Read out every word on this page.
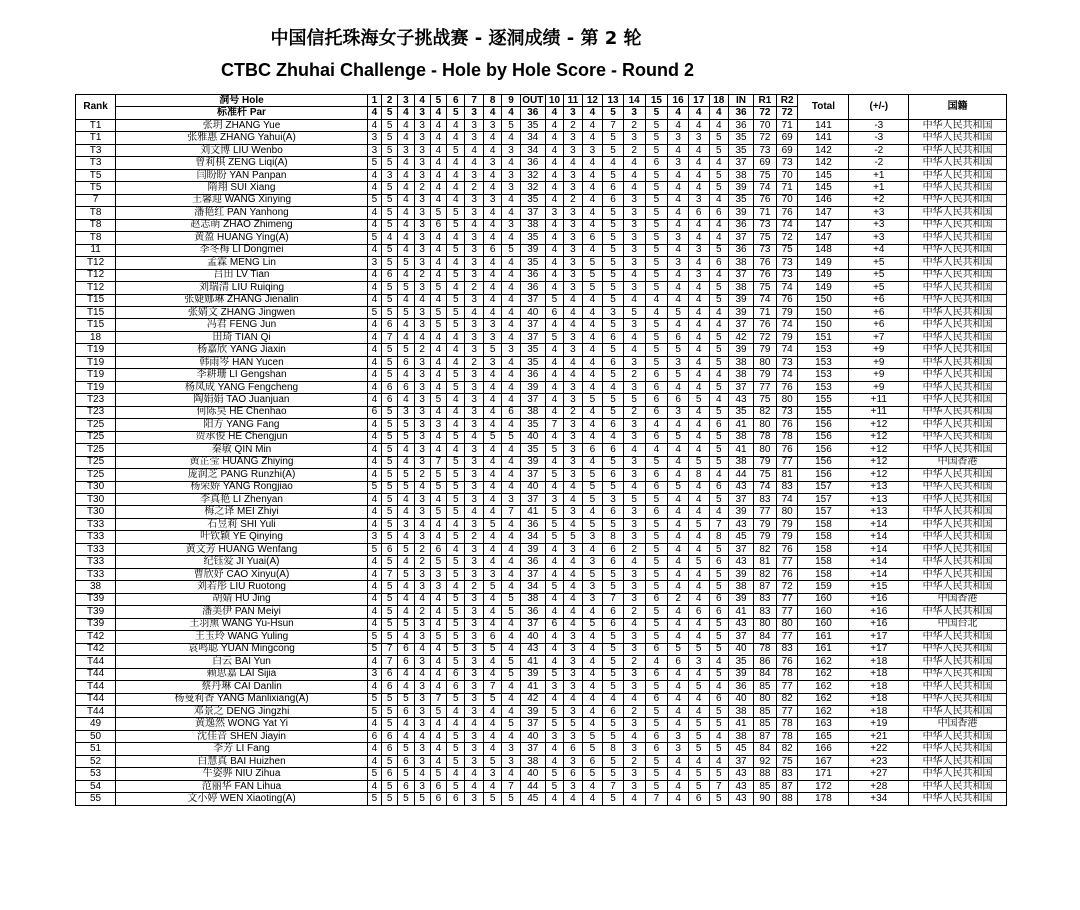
中国信托珠海女子挑战赛 - 逐洞成绩 - 第 2 轮
CTBC Zhuhai Challenge - Hole by Hole Score - Round 2
Rank	洞号 Hole	1	2	3	4	5	6	7	8	9	OUT	10	11	12	13	14	15	16	17	18	IN	R1	R2	Total	(+/-)	国籍
	标准杆 Par	4	5	4	3	4	5	3	4	4	36	4	3	4	5	3	5	4	4	4	36	72	72			
T1	张玥 ZHANG Yue	4	5	4	3	4	4	3	3	5	35	4	2	4	7	2	5	4	4	4	36	70	71	141	-3	中华人民共和国
T1	张雅惠 ZHANG Yahui(A)	3	5	4	3	4	4	3	4	4	34	4	3	4	5	3	5	3	3	5	35	72	69	141	-3	中华人民共和国
T3	刘文博 LIU Wenbo	3	5	3	3	4	5	4	4	3	34	4	3	3	5	2	5	4	4	5	35	73	69	142	-2	中华人民共和国
T3	曾莉棋 ZENG Liqi(A)	5	5	4	3	4	4	4	3	4	36	4	4	4	4	4	6	3	4	4	37	69	73	142	-2	中华人民共和国
T5	闫盼盼 YAN Panpan	4	3	4	3	4	4	3	4	3	32	4	3	4	5	4	5	4	4	5	38	75	70	145	+1	中华人民共和国
T5	隋翔 SUI Xiang	4	5	4	2	4	4	2	4	3	32	4	3	4	6	4	5	4	4	5	39	74	71	145	+1	中华人民共和国
7	王馨迎 WANG Xinying	5	5	4	3	4	4	3	3	4	35	4	2	4	6	3	5	4	3	4	35	76	70	146	+2	中华人民共和国
T8	潘艳红 PAN Yanhong	4	5	4	3	5	5	3	4	4	37	3	3	4	5	3	5	4	6	6	39	71	76	147	+3	中华人民共和国
T8	赵志萌 ZHAO Zhimeng	4	5	4	3	6	5	4	4	3	38	4	3	4	5	3	5	4	4	4	36	73	74	147	+3	中华人民共和国
T8	黄盈 HUANG Ying(A)	5	4	4	3	4	4	3	4	4	35	4	3	6	5	3	5	3	4	4	37	75	72	147	+3	中华人民共和国
11	李冬梅 LI Dongmei	4	5	4	3	4	5	3	6	5	39	4	3	4	5	3	5	4	3	5	36	73	75	148	+4	中华人民共和国
T12	孟霖 MENG Lin	3	5	5	3	4	4	3	4	4	35	4	3	5	5	3	5	3	4	6	38	76	73	149	+5	中华人民共和国
T12	吕田 LV Tian	4	6	4	2	4	5	3	4	4	36	4	3	5	5	4	5	4	3	4	37	76	73	149	+5	中华人民共和国
T12	刘瑞清 LIU Ruiqing	4	5	5	3	5	4	2	4	4	36	4	3	5	5	3	5	4	4	5	38	75	74	149	+5	中华人民共和国
T15	张婕娜琳 ZHANG Jienalin	4	5	4	4	4	5	3	4	4	37	5	4	4	5	4	4	4	4	5	39	74	76	150	+6	中华人民共和国
T15	张婧文 ZHANG Jingwen	5	5	5	3	5	5	4	4	4	40	6	4	4	3	5	4	5	4	4	39	71	79	150	+6	中华人民共和国
T15	冯君 FENG Jun	4	6	4	3	5	5	3	3	4	37	4	4	4	5	3	5	4	4	4	37	76	74	150	+6	中华人民共和国
18	田琦 TIAN Qi	4	7	4	4	4	4	3	3	4	37	5	3	4	6	4	5	6	4	5	42	72	79	151	+7	中华人民共和国
T19	杨嘉欣 YANG Jiaxin	4	5	5	2	4	4	3	5	3	35	4	3	4	5	4	5	5	4	5	39	79	74	153	+9	中华人民共和国
T19	韩雨岑 HAN Yucen	4	5	6	3	4	4	2	3	4	35	4	4	4	6	3	5	3	4	5	38	80	73	153	+9	中华人民共和国
T19	李耕珊 LI Gengshan	4	5	4	3	4	5	3	4	4	36	4	4	4	5	2	6	5	4	4	38	79	74	153	+9	中华人民共和国
T19	杨凤成 YANG Fengcheng	4	6	6	3	4	5	3	4	4	39	4	3	4	4	3	6	4	4	5	37	77	76	153	+9	中华人民共和国
T23	陶娟娟 TAO Juanjuan	4	6	4	3	5	4	3	4	4	37	4	3	5	5	5	6	6	5	4	43	75	80	155	+11	中华人民共和国
T23	何陈昊 HE Chenhao	6	5	3	3	4	4	3	4	6	38	4	2	4	5	2	6	3	4	5	35	82	73	155	+11	中华人民共和国
T25	阳方 YANG Fang	4	5	5	3	3	4	3	4	4	35	7	3	4	6	3	4	4	4	6	41	80	76	156	+12	中华人民共和国
T25	贺承俊 HE Chengjun	4	5	5	3	4	5	4	5	5	40	4	3	4	4	3	6	5	4	5	38	78	78	156	+12	中华人民共和国
T25	秦敏 QIN Min	4	5	4	3	4	4	3	4	4	35	5	3	6	6	4	4	4	4	5	41	80	76	156	+12	中华人民共和国
T25	黄芷莹 HUANG Zhiying	4	5	4	3	7	5	3	4	4	39	4	3	4	5	3	5	4	5	5	38	79	77	156	+12	中国香港
T25	庞润芝 PANG Runzhi(A)	4	5	5	2	5	5	3	4	4	37	5	3	5	6	3	6	4	8	4	44	75	81	156	+12	中华人民共和国
T30	杨荣娇 YANG Rongjiao	5	5	5	4	5	5	3	4	4	40	4	4	5	5	4	6	5	4	6	43	74	83	157	+13	中华人民共和国
T30	李真艳 LI Zhenyan	4	5	4	3	4	5	3	4	3	37	3	4	5	3	5	5	4	4	5	37	83	74	157	+13	中华人民共和国
T30	梅之译 MEI Zhiyi	4	5	4	3	5	5	4	4	7	41	5	3	4	6	3	6	4	4	4	39	77	80	157	+13	中华人民共和国
T33	石昱莉 SHI Yuli	4	5	3	4	4	4	3	5	4	36	5	4	5	5	3	5	4	5	7	43	79	79	158	+14	中华人民共和国
T33	叶钦颖 YE Qinying	3	5	4	3	4	5	2	4	4	34	5	5	3	8	3	5	4	4	8	45	79	79	158	+14	中华人民共和国
T33	黄文芳 HUANG Wenfang	5	6	5	2	6	4	3	4	4	39	4	3	4	6	2	5	4	4	5	37	82	76	158	+14	中华人民共和国
T33	纪钰爱 JI Yuai(A)	4	5	4	2	5	5	3	4	4	36	4	4	3	6	4	5	4	5	6	43	81	77	158	+14	中华人民共和国
T33	曹欣妤 CAO Xinyu(A)	4	7	5	3	3	5	3	3	4	37	4	4	5	5	3	5	4	4	5	39	82	76	158	+14	中华人民共和国
38	刘若彤 LIU Ruotong	4	5	4	3	3	4	2	5	4	34	5	4	3	5	3	5	4	4	5	38	87	72	159	+15	中华人民共和国
T39	胡婧 HU Jing	4	5	4	4	4	5	3	4	5	38	4	4	3	7	3	6	2	4	6	39	83	77	160	+16	中国香港
T39	潘美伊 PAN Meiyi	4	5	4	2	4	5	3	4	5	36	4	4	4	6	2	5	4	6	6	41	83	77	160	+16	中华人民共和国
T39	王羽熏 WANG Yu-Hsun	4	5	5	3	4	5	3	4	4	37	6	4	5	6	4	5	4	4	5	43	80	80	160	+16	中国台北
T42	王玉玲 WANG Yuling	5	5	4	3	5	5	3	6	4	40	4	3	4	5	3	5	4	4	5	37	84	77	161	+17	中华人民共和国
T42	袁鸣聪 YUAN Mingcong	5	7	6	4	4	5	3	5	4	43	4	3	4	5	3	6	5	5	5	40	78	83	161	+17	中华人民共和国
T44	白云 BAI Yun	4	7	6	3	4	5	3	4	5	41	4	3	4	5	2	4	6	3	4	35	86	76	162	+18	中华人民共和国
T44	赖思嘉 LAI Sijia	3	6	4	4	4	6	3	4	5	39	5	3	4	5	3	6	4	4	5	39	84	78	162	+18	中华人民共和国
T44	蔡丹琳 CAI Danlin	4	6	4	3	4	6	3	7	4	41	3	3	4	5	3	5	4	5	4	36	85	77	162	+18	中华人民共和国
T44	杨曼莉香 YANG Manlixiang(A)	5	5	5	3	7	5	3	5	4	42	4	4	4	4	4	6	4	4	6	40	80	82	162	+18	中华人民共和国
T44	邓景之 DENG Jingzhi	5	5	6	3	5	4	3	4	4	39	5	3	4	6	2	5	4	4	5	38	85	77	162	+18	中华人民共和国
49	黄逸然 WONG Yat Yi	4	5	4	3	4	4	4	4	5	37	5	5	4	5	3	5	4	5	5	41	85	78	163	+19	中国香港
50	沈佳音 SHEN Jiayin	6	6	4	4	4	5	3	4	4	40	3	3	5	5	4	6	3	5	4	38	87	78	165	+21	中华人民共和国
51	李芳 LI Fang	4	6	5	3	4	5	3	4	3	37	4	6	5	8	3	6	3	5	5	45	84	82	166	+22	中华人民共和国
52	白慧真 BAI Huizhen	4	5	6	3	4	5	3	5	3	38	4	3	6	5	2	5	4	4	4	37	92	75	167	+23	中华人民共和国
53	牛姿骅 NIU Zihua	5	6	5	4	5	4	4	3	4	40	5	6	5	5	3	5	4	5	5	43	88	83	171	+27	中华人民共和国
54	范丽华 FAN Lihua	4	5	6	3	6	5	4	4	7	44	5	3	4	7	3	5	4	5	7	43	85	87	172	+28	中华人民共和国
55	文小婷 WEN Xiaoting(A)	5	5	5	5	6	6	3	5	5	45	4	4	4	5	4	7	4	6	5	43	90	88	178	+34	中华人民共和国
